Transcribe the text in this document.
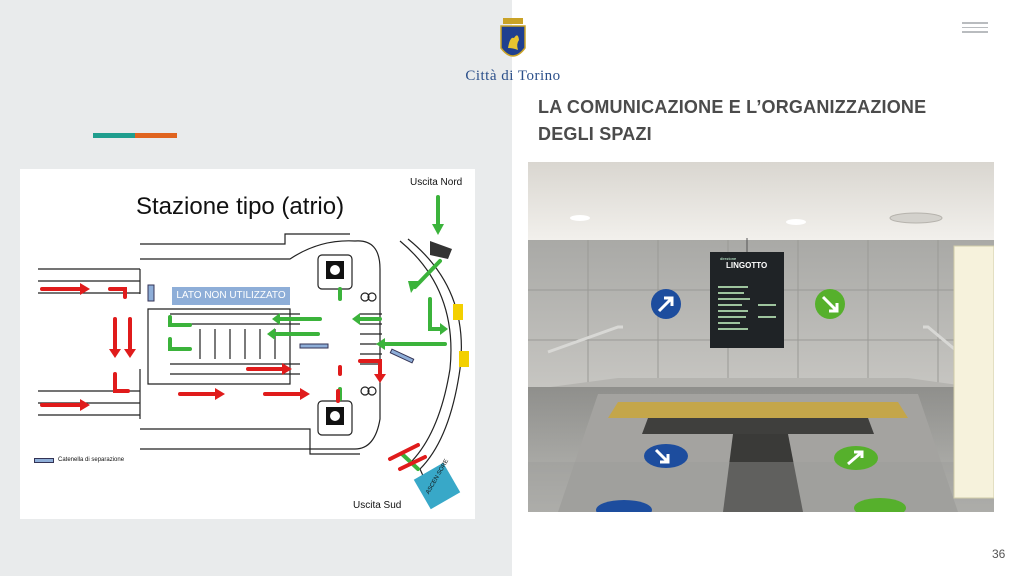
Città di Torino
LA COMUNICAZIONE E L’ORGANIZZAZIONE
DEGLI SPAZI
Stazione tipo (atrio)
Uscita Nord
Uscita Sud
LATO NON UTILIZZATO
ASCEN SORE
Catenella di separazione
direzione
LINGOTTO
36
